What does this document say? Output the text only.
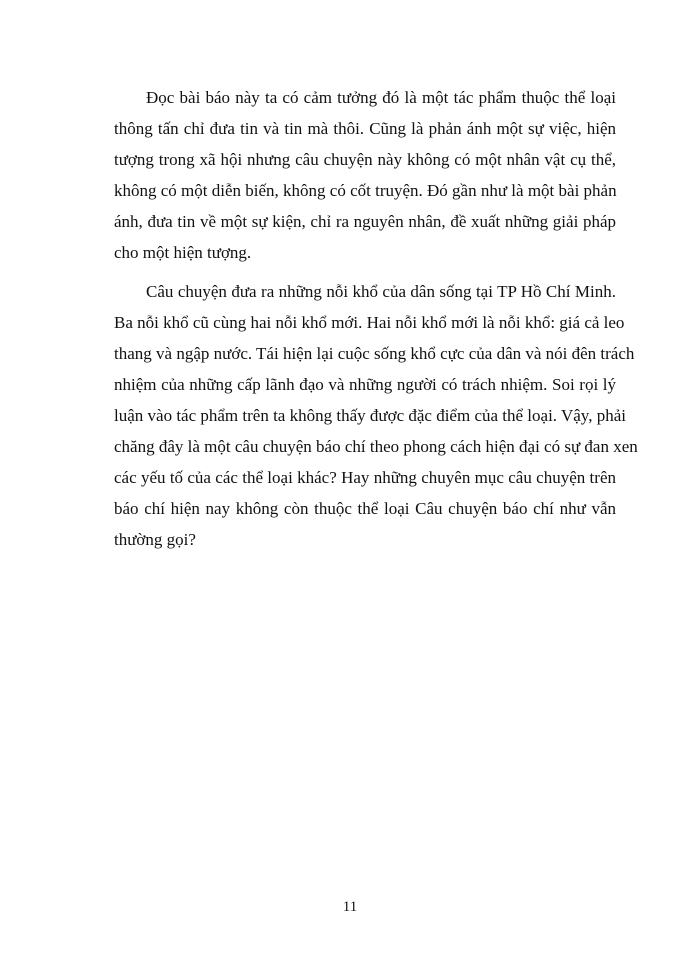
Đọc bài báo này ta có cảm tưởng đó là một tác phẩm thuộc thể loại
thông tấn chỉ đưa tin và tin mà thôi. Cũng là phản ánh một sự việc, hiện
tượng trong xã hội nhưng câu chuyện này không có một nhân vật cụ thể,
không có một diễn biến, không có cốt truyện. Đó gần như là một bài phản
ánh, đưa tin về một sự kiện, chỉ ra nguyên nhân, đề xuất những giải pháp
cho một hiện tượng.

Câu chuyện đưa ra những nỗi khổ của dân sống tại TP Hồ Chí Minh.
Ba nỗi khổ cũ cùng hai nỗi khổ mới. Hai nỗi khổ mới là nỗi khổ: giá cả leo
thang và ngập nước. Tái hiện lại cuộc sống khổ cực của dân và nói đên trách
nhiệm của những cấp lãnh đạo và những người có trách nhiệm. Soi rọi lý
luận vào tác phẩm trên ta không thấy được đặc điểm của thể loại. Vậy, phải
chăng đây là một câu chuyện báo chí theo phong cách hiện đại có sự đan xen
các yếu tố của các thể loại khác? Hay những chuyên mục câu chuyện trên
báo chí hiện nay không còn thuộc thể loại Câu chuyện báo chí như vẫn
thường gọi?

11
